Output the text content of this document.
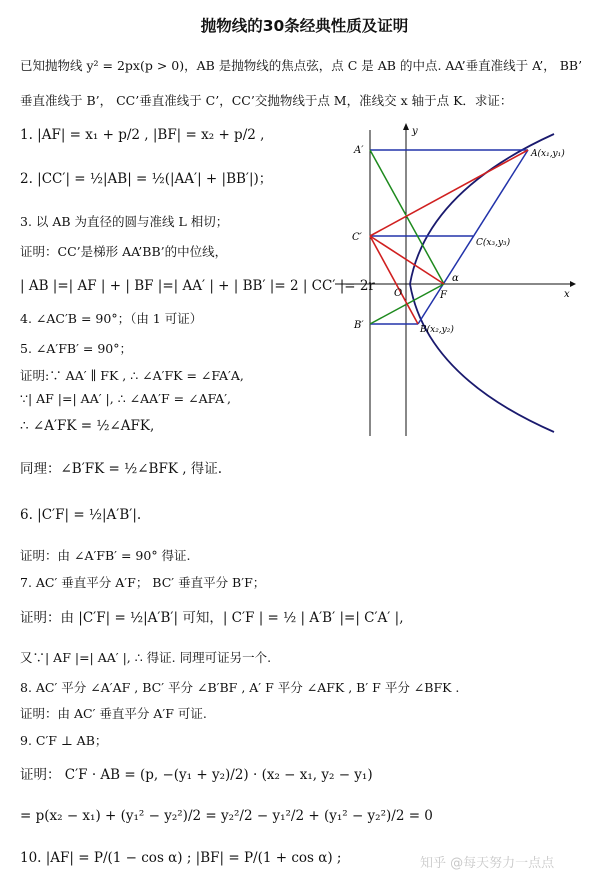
抛物线的30条经典性质及证明
已知抛物线 y² = 2px(p > 0)，AB 是抛物线的焦点弦，点 C 是 AB 的中点. AA’垂直准线于 A’， BB’
垂直准线于 B’， CC’垂直准线于 C’，CC’交抛物线于点 M，准线交 x 轴于点 K．求证：
1. |AF| = x₁ + p/2 , |BF| = x₂ + p/2 ,
2. |CC′| = ½|AB| = ½(|AA′| + |BB′|)；
3. 以 AB 为直径的圆与准线 L 相切；
证明：CC’是梯形 AA’BB’的中位线，
| AB |=| AF | + | BF |=| AA′ | + | BB′ |= 2 | CC′ |= 2r
4. ∠AC′B = 90°；（由 1 可证）
5. ∠A′FB′ = 90°；
证明:∵ AA′ ∥ FK , ∴ ∠A′FK = ∠FA′A,
∵| AF |=| AA′ |, ∴ ∠AA′F = ∠AFA′,
∴ ∠A′FK = ½∠AFK,
同理：∠B′FK = ½∠BFK , 得证.
6. |C′F| = ½|A′B′|.
证明：由 ∠A′FB′ = 90° 得证.
7. AC′ 垂直平分 A′F； BC′ 垂直平分 B′F；
证明：由 |C′F| = ½|A′B′| 可知，| C′F | = ½ | A′B′ |=| C′A′ |,
又∵| AF |=| AA′ |, ∴ 得证. 同理可证另一个.
8. AC′ 平分 ∠A′AF , BC′ 平分 ∠B′BF , A′ F 平分 ∠AFK , B′ F 平分 ∠BFK .
证明：由 AC′ 垂直平分 A′F 可证.
9. C′F ⊥ AB；
证明： C′F · AB = (p, −(y₁ + y₂)/2) · (x₂ − x₁, y₂ − y₁)
= p(x₂ − x₁) + (y₁² − y₂²)/2 = y₂²/2 − y₁²/2 + (y₁² − y₂²)/2 = 0
10. |AF| = P/(1 − cos α) ; |BF| = P/(1 + cos α) ;	知乎 @每天努力一点点
y
x
A(x₁,y₁)
A′
C′	C(x₃,y₃)
α
O	F
B′	B(x₂,y₂)
